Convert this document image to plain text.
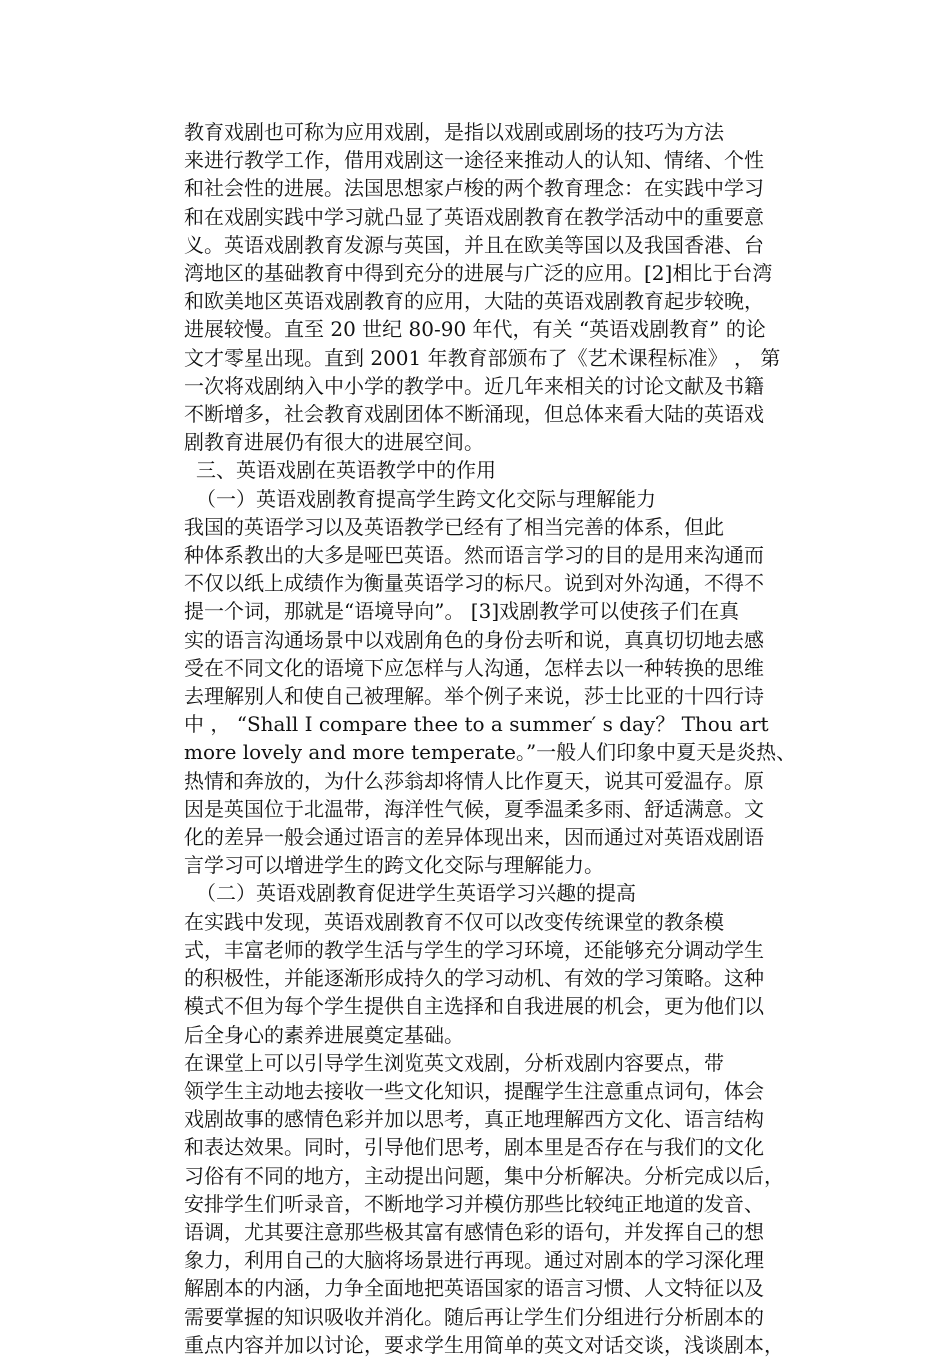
教育戏剧也可称为应用戏剧，是指以戏剧或剧场的技巧为方法
来进行教学工作，借用戏剧这一途径来推动人的认知、情绪、个性
和社会性的进展。法国思想家卢梭的两个教育理念：在实践中学习
和在戏剧实践中学习就凸显了英语戏剧教育在教学活动中的重要意
义。英语戏剧教育发源与英国，并且在欧美等国以及我国香港、台
湾地区的基础教育中得到充分的进展与广泛的应用。[2]相比于台湾
和欧美地区英语戏剧教育的应用，大陆的英语戏剧教育起步较晚，
进展较慢。直至 20 世纪 80-90 年代，有关 “英语戏剧教育” 的论
文才零星出现。直到 2001 年教育部颁布了《艺术课程标准》 ， 第
一次将戏剧纳入中小学的教学中。近几年来相关的讨论文献及书籍
不断增多，社会教育戏剧团体不断涌现，但总体来看大陆的英语戏
剧教育进展仍有很大的进展空间。

三、英语戏剧在英语教学中的作用

（一）英语戏剧教育提高学生跨文化交际与理解能力

我国的英语学习以及英语教学已经有了相当完善的体系，但此
种体系教出的大多是哑巴英语。然而语言学习的目的是用来沟通而
不仅以纸上成绩作为衡量英语学习的标尺。说到对外沟通，不得不
提一个词，那就是“语境导向”。 [3]戏剧教学可以使孩子们在真
实的语言沟通场景中以戏剧角色的身份去听和说，真真切切地去感
受在不同文化的语境下应怎样与人沟通，怎样去以一种转换的思维
去理解别人和使自己被理解。举个例子来说，莎士比亚的十四行诗
中 ， “Shall I compare thee to a summer′ s day？ Thou art
more lovely and more temperate。”一般人们印象中夏天是炎热、
热情和奔放的，为什么莎翁却将情人比作夏天，说其可爱温存。原
因是英国位于北温带，海洋性气候，夏季温柔多雨、舒适满意。文
化的差异一般会通过语言的差异体现出来，因而通过对英语戏剧语
言学习可以增进学生的跨文化交际与理解能力。

（二）英语戏剧教育促进学生英语学习兴趣的提高

在实践中发现，英语戏剧教育不仅可以改变传统课堂的教条模
式，丰富老师的教学生活与学生的学习环境，还能够充分调动学生
的积极性，并能逐渐形成持久的学习动机、有效的学习策略。这种
模式不但为每个学生提供自主选择和自我进展的机会，更为他们以
后全身心的素养进展奠定基础。

在课堂上可以引导学生浏览英文戏剧，分析戏剧内容要点，带
领学生主动地去接收一些文化知识，提醒学生注意重点词句，体会
戏剧故事的感情色彩并加以思考，真正地理解西方文化、语言结构
和表达效果。同时，引导他们思考，剧本里是否存在与我们的文化
习俗有不同的地方，主动提出问题，集中分析解决。分析完成以后，
安排学生们听录音，不断地学习并模仿那些比较纯正地道的发音、
语调，尤其要注意那些极其富有感情色彩的语句，并发挥自己的想
象力，利用自己的大脑将场景进行再现。通过对剧本的学习深化理
解剧本的内涵，力争全面地把英语国家的语言习惯、人文特征以及
需要掌握的知识吸收并消化。随后再让学生们分组进行分析剧本的
重点内容并加以讨论，要求学生用简单的英文对话交谈，浅谈剧本，
